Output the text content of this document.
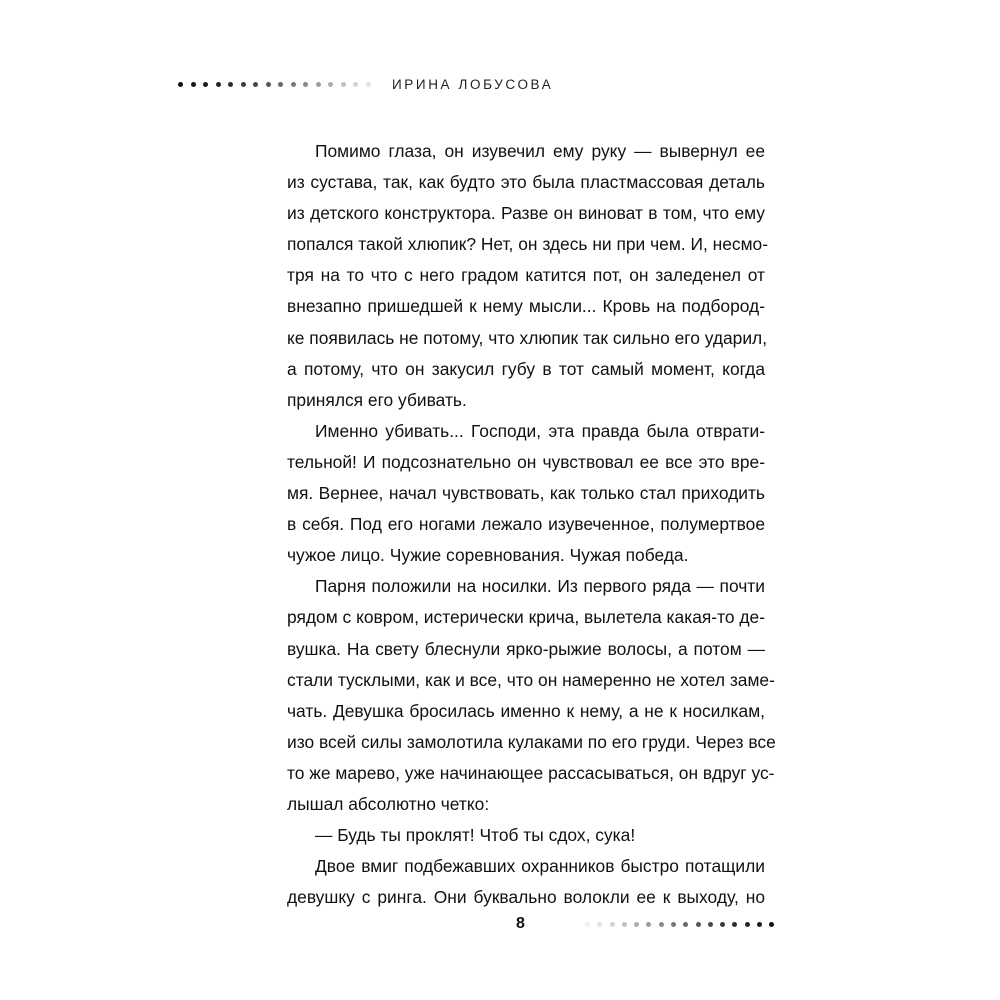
ИРИНА ЛОБУСОВА
Помимо глаза, он изувечил ему руку — вывернул ее
из сустава, так, как будто это была пластмассовая деталь
из детского конструктора. Разве он виноват в том, что ему
попался такой хлюпик? Нет, он здесь ни при чем. И, несмо-
тря на то что с него градом катится пот, он заледенел от
внезапно пришедшей к нему мысли... Кровь на подбород-
ке появилась не потому, что хлюпик так сильно его ударил,
а потому, что он закусил губу в тот самый момент, когда
принялся его убивать.
Именно убивать... Господи, эта правда была отврати-
тельной! И подсознательно он чувствовал ее все это вре-
мя. Вернее, начал чувствовать, как только стал приходить
в себя. Под его ногами лежало изувеченное, полумертвое
чужое лицо. Чужие соревнования. Чужая победа.
Парня положили на носилки. Из первого ряда — почти
рядом с ковром, истерически крича, вылетела какая-то де-
вушка. На свету блеснули ярко-рыжие волосы, а потом —
стали тусклыми, как и все, что он намеренно не хотел заме-
чать. Девушка бросилась именно к нему, а не к носилкам,
изо всей силы замолотила кулаками по его груди. Через все
то же марево, уже начинающее рассасываться, он вдруг ус-
лышал абсолютно четко:
— Будь ты проклят! Чтоб ты сдох, сука!
Двое вмиг подбежавших охранников быстро потащили
девушку с ринга. Они буквально волокли ее к выходу, но
8
